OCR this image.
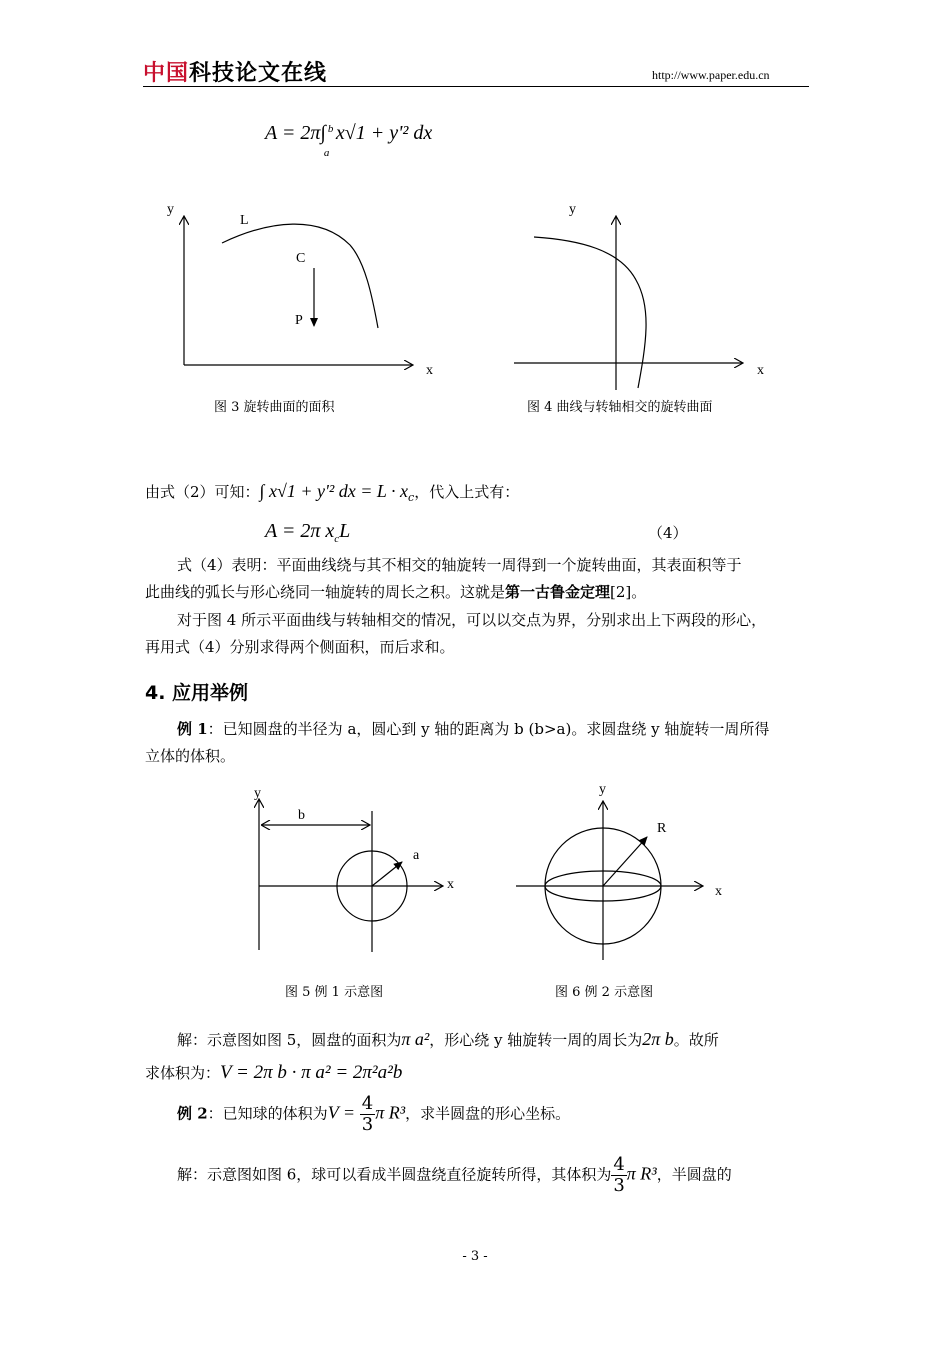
中国科技论文在线	http://www.paper.edu.cn
A = 2π∫ b
a
x√1 + y'² dx
y
x
L
C
P
图 3 旋转曲面的面积
y
x
图 4 曲线与转轴相交的旋转曲面
由式（2）可知：∫ x√1 + y'² dx = $L \cdot x_c$，代入上式有：
A = 2π $x_cL$	（4）
式（4）表明：平面曲线绕与其不相交的轴旋转一周得到一个旋转曲面，其表面积等于
此曲线的弧长与形心绕同一轴旋转的周长之积。这就是第一古鲁金定理[2]。
对于图 4 所示平面曲线与转轴相交的情况，可以以交点为界，分别求出上下两段的形心，
再用式（4）分别求得两个侧面积，而后求和。
4. 应用举例
例 1：已知圆盘的半径为 a，圆心到 y 轴的距离为 b (b>a)。求圆盘绕 y 轴旋转一周所得
立体的体积。
y
x
b
a
图 5 例 1 示意图
y
x
R
图 6 例 2 示意图
解：示意图如图 5，圆盘的面积为π a²，形心绕 y 轴旋转一周的周长为2π b。故所
求体积为：V = 2π b · π a² = 2π²a²b
例 2：已知球的体积为$V = \frac{4}{3}$ π R³，求半圆盘的形心坐标。
解：示意图如图 6，球可以看成半圆盘绕直径旋转所得，其体积为 $\frac{4}{3}$ π R³，半圆盘的
- 3 -
